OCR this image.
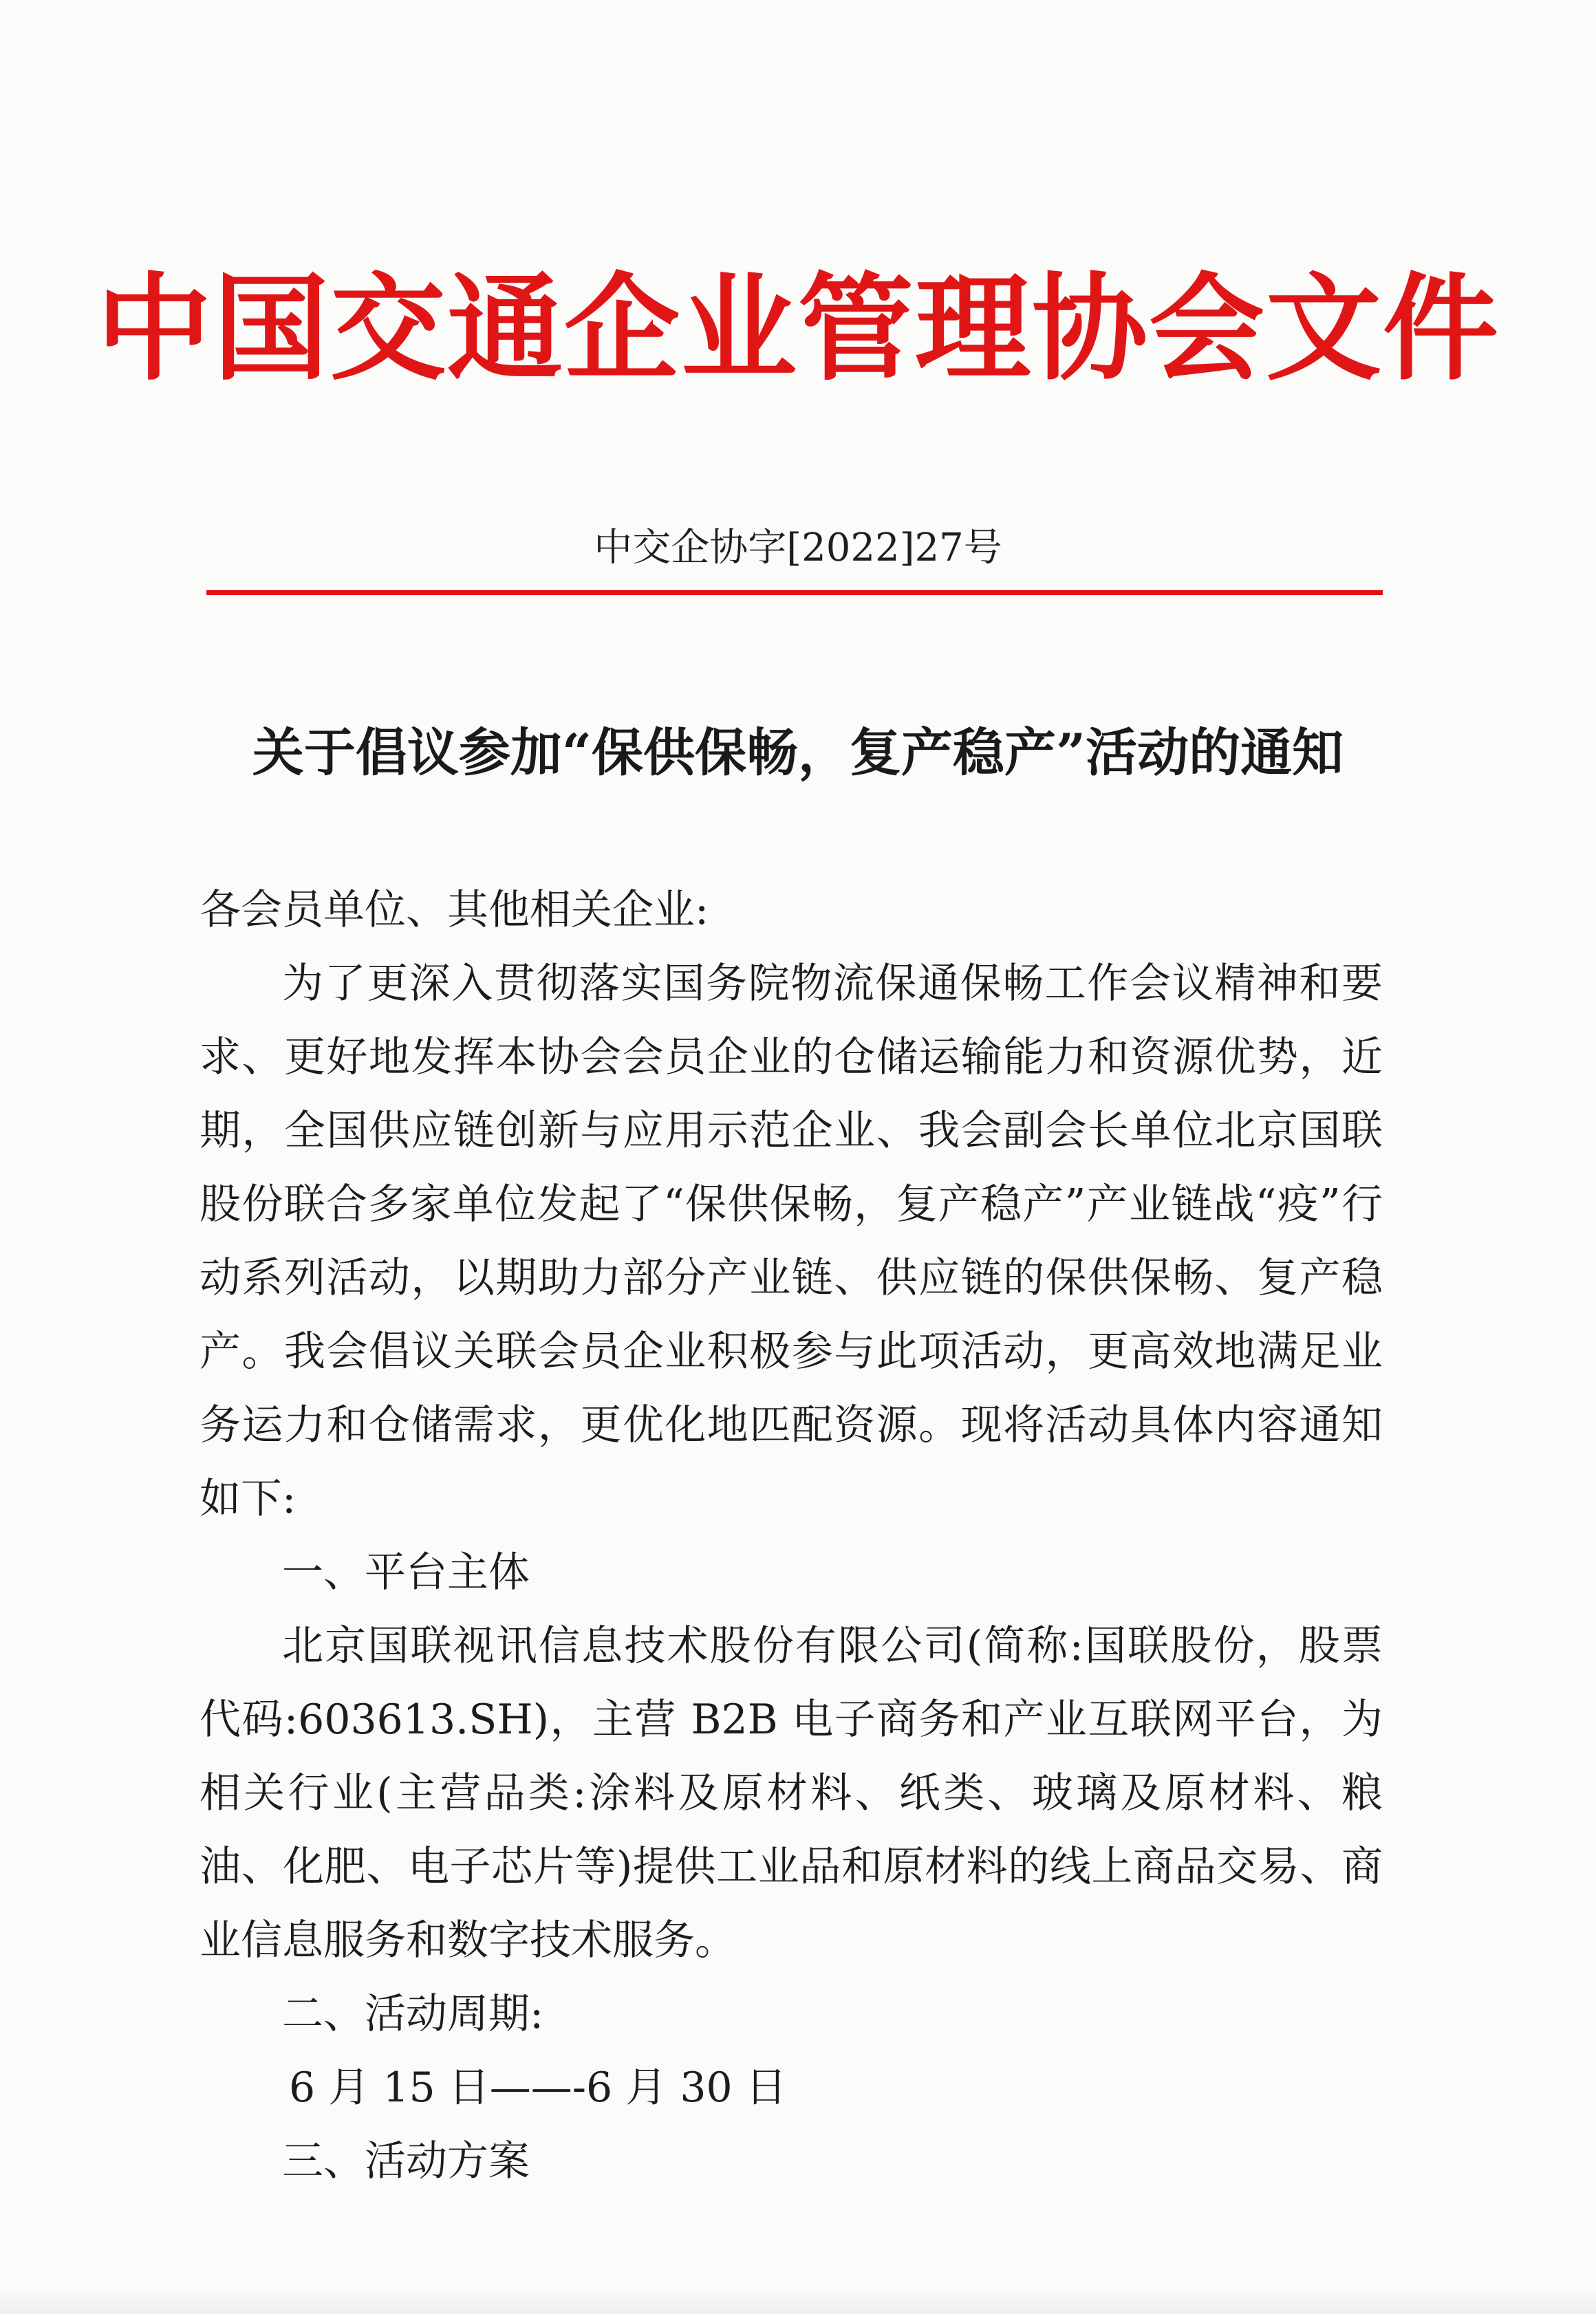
中国交通企业管理协会文件
中交企协字[2022]27号
关于倡议参加“保供保畅，复产稳产”活动的通知

各会员单位、其他相关企业:

为了更深入贯彻落实国务院物流保通保畅工作会议精神和要求、更好地发挥本协会会员企业的仓储运输能力和资源优势，近期，全国供应链创新与应用示范企业、我会副会长单位北京国联股份联合多家单位发起了“保供保畅，复产稳产”产业链战“疫”行动系列活动，以期助力部分产业链、供应链的保供保畅、复产稳产。我会倡议关联会员企业积极参与此项活动，更高效地满足业务运力和仓储需求，更优化地匹配资源。现将活动具体内容通知如下:

一、平台主体

北京国联视讯信息技术股份有限公司(简称:国联股份，股票代码:603613.SH)，主营 B2B 电子商务和产业互联网平台，为相关行业(主营品类:涂料及原材料、纸类、玻璃及原材料、粮油、化肥、电子芯片等)提供工业品和原材料的线上商品交易、商业信息服务和数字技术服务。

二、活动周期:

6 月 15 日——-6 月 30 日

三、活动方案
